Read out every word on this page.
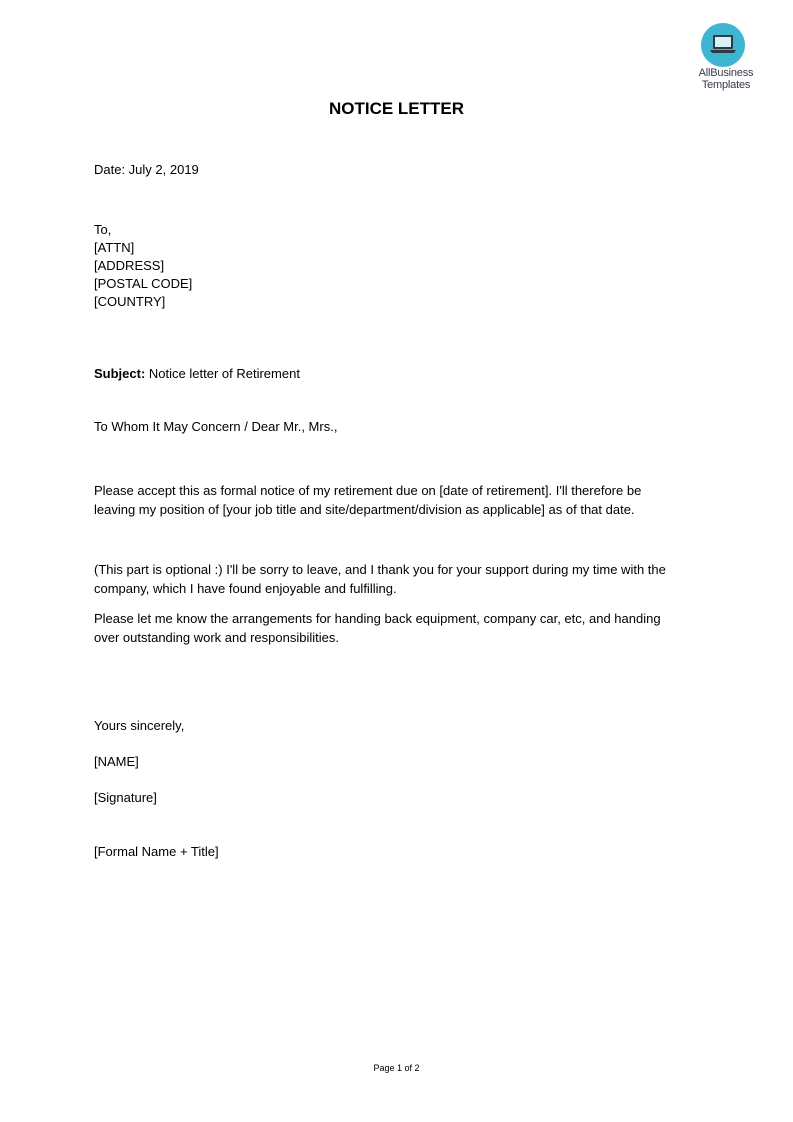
AllBusiness
Templates
NOTICE LETTER
Date: July 2, 2019
To,
[ATTN]
[ADDRESS]
[POSTAL CODE]
[COUNTRY]
Subject: Notice letter of Retirement
To Whom It May Concern / Dear Mr., Mrs.,
Please accept this as formal notice of my retirement due on [date of retirement]. I'll therefore be
leaving my position of [your job title and site/department/division as applicable] as of that date.
(This part is optional :) I'll be sorry to leave, and I thank you for your support during my time with the
company, which I have found enjoyable and fulfilling.
Please let me know the arrangements for handing back equipment, company car, etc, and handing
over outstanding work and responsibilities.
Yours sincerely,
[NAME]
[Signature]
[Formal Name + Title]
Page 1 of 2
